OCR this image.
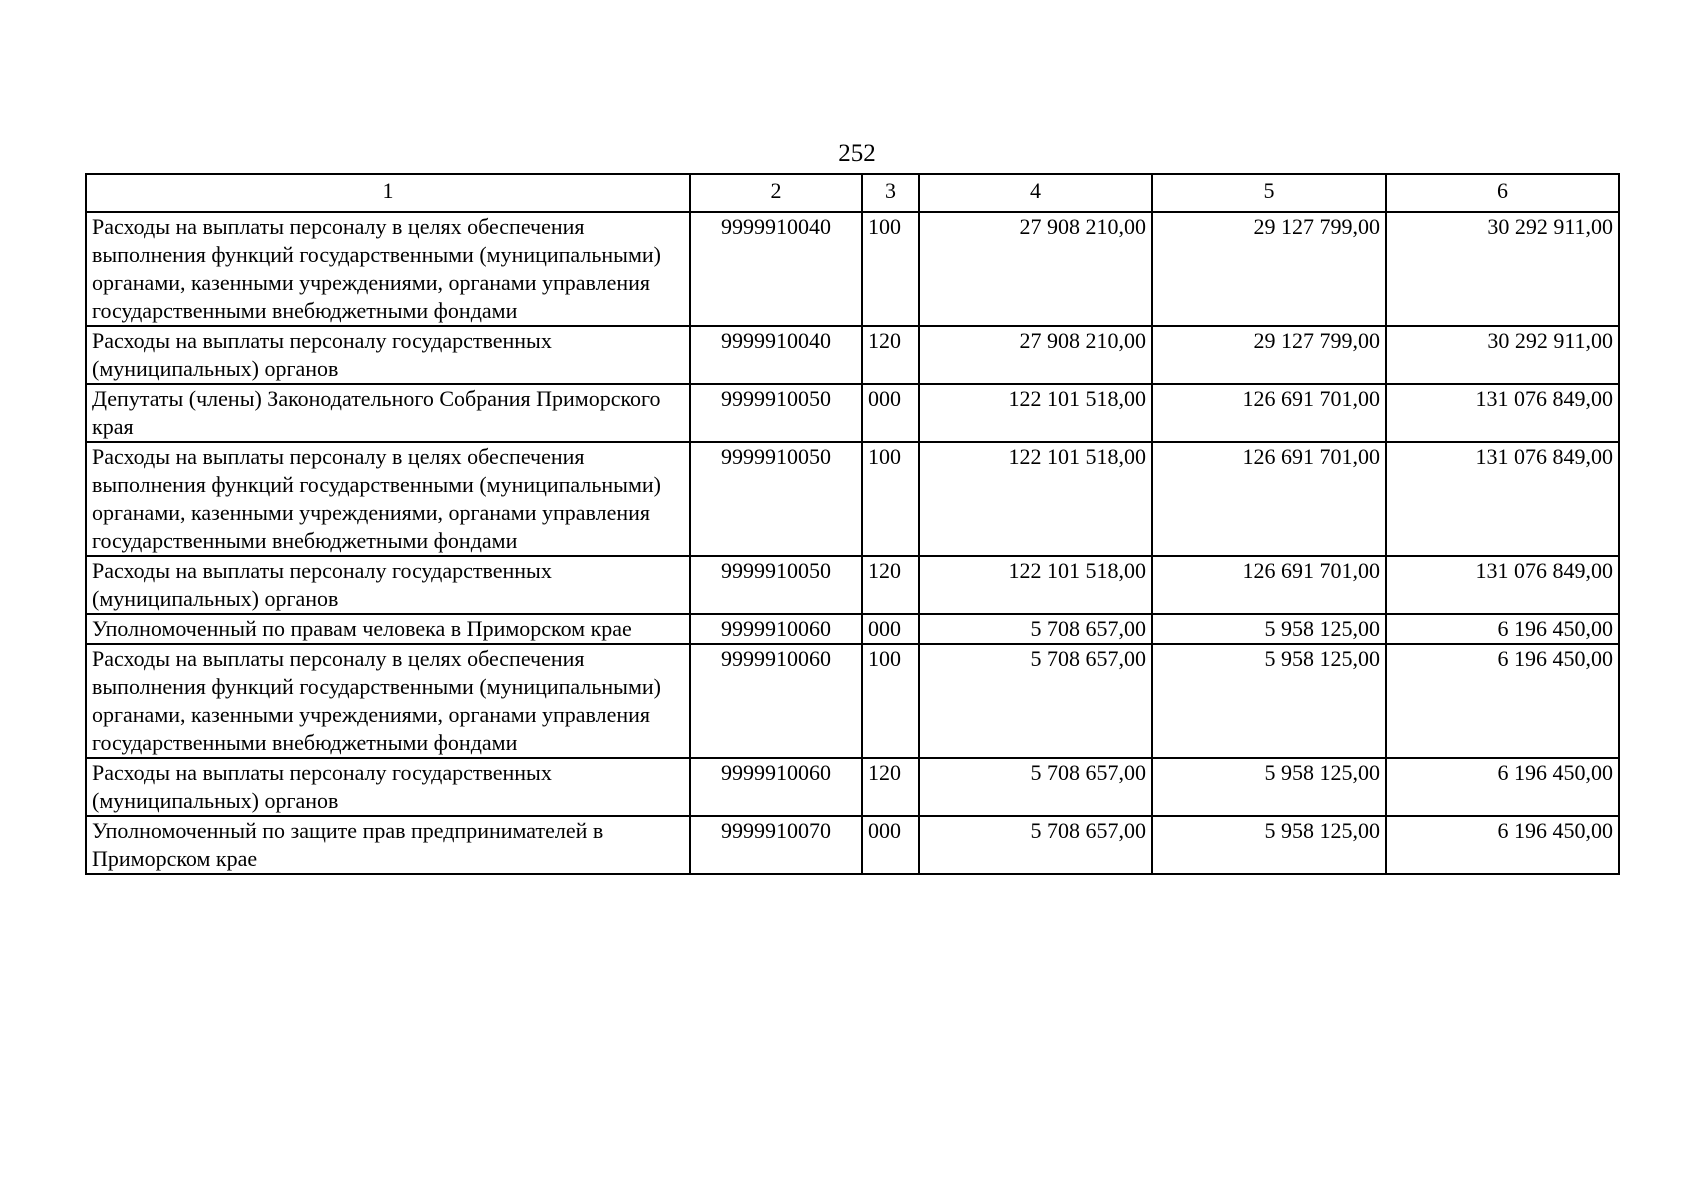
252
1	2	3	4	5	6
Расходы на выплаты персоналу в целях обеспечения выполнения функций государственными (муниципальными) органами, казенными учреждениями, органами управления государственными внебюджетными фондами	9999910040	100	27 908 210,00	29 127 799,00	30 292 911,00
Расходы на выплаты персоналу государственных (муниципальных) органов	9999910040	120	27 908 210,00	29 127 799,00	30 292 911,00
Депутаты (члены) Законодательного Собрания Приморского края	9999910050	000	122 101 518,00	126 691 701,00	131 076 849,00
Расходы на выплаты персоналу в целях обеспечения выполнения функций государственными (муниципальными) органами, казенными учреждениями, органами управления государственными внебюджетными фондами	9999910050	100	122 101 518,00	126 691 701,00	131 076 849,00
Расходы на выплаты персоналу государственных (муниципальных) органов	9999910050	120	122 101 518,00	126 691 701,00	131 076 849,00
Уполномоченный по правам человека в Приморском крае	9999910060	000	5 708 657,00	5 958 125,00	6 196 450,00
Расходы на выплаты персоналу в целях обеспечения выполнения функций государственными (муниципальными) органами, казенными учреждениями, органами управления государственными внебюджетными фондами	9999910060	100	5 708 657,00	5 958 125,00	6 196 450,00
Расходы на выплаты персоналу государственных (муниципальных) органов	9999910060	120	5 708 657,00	5 958 125,00	6 196 450,00
Уполномоченный по защите прав предпринимателей в Приморском крае	9999910070	000	5 708 657,00	5 958 125,00	6 196 450,00
